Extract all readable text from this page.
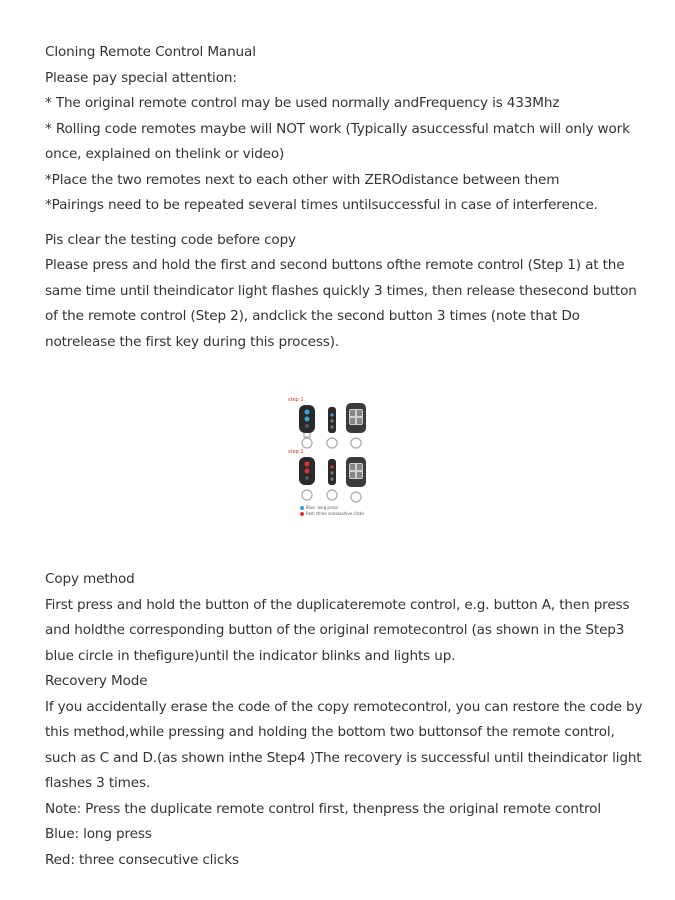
Cloning Remote Control Manual
Please pay special attention:
* The original remote control may be used normally andFrequency is 433Mhz
* Rolling code remotes maybe will NOT work (Typically asuccessful match will only work
once, explained on thelink or video)
*Place the two remotes next to each other with ZEROdistance between them
*Pairings need to be repeated several times untilsuccessful in case of interference.
Pis clear the testing code before copy
Please press and hold the first and second buttons ofthe remote control (Step 1) at the
same time until theindicator light flashes quickly 3 times, then release thesecond button
of the remote control (Step 2), andclick the second button 3 times (note that Do
notrelease the first key during this process).
step 1
step 2
Blue: long press
Red: three consecutive clicks
Copy method
First press and hold the button of the duplicateremote control, e.g. button A, then press
and holdthe corresponding button of the original remotecontrol (as shown in the Step3
blue circle in thefigure)until the indicator blinks and lights up.
Recovery Mode
If you accidentally erase the code of the copy remotecontrol, you can restore the code by
this method,while pressing and holding the bottom two buttonsof the remote control,
such as C and D.(as shown inthe Step4 )The recovery is successful until theindicator light
flashes 3 times.
Note: Press the duplicate remote control first, thenpress the original remote control
Blue: long press
Red: three consecutive clicks
